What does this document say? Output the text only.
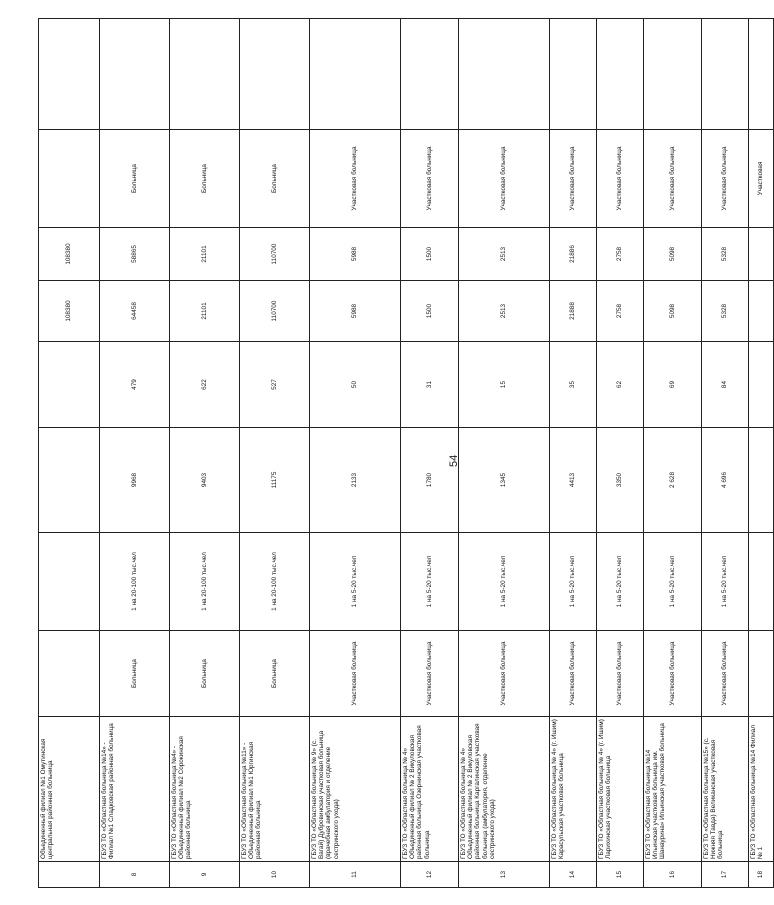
54
	Объединенный филиал №1 Омутинская центральная районная больница					108380	108380		
8	ГБУЗ ТО «Областная больница №14» - Филиал №1 Сладковская районная больница	Больница	1 на 20-100 тыс.чел	9968	479	64458	58865	Больница	
9	ГБУЗ ТО «Областная больница №4» - Объединенный филиал №2 Сорокинская районная больница	Больница	1 на 20-100 тыс.чел	9403	622	21101	21101	Больница	
10	ГБУЗ ТО «Областная больница №11» - Объединенный филиал №1 Юргинская районная больница	Больница	1 на 20-100 тыс.чел	11175	527	110700	110700	Больница	
11	ГБУЗ ТО «Областная больница № 9» (с. Вагай) Дубровинская участковая больница (врачебная амбулатория и отделение сестринского ухода)	Участковая больница	1 на 5-20 тыс.чел	2133	50	5988	5988	Участковая больница	
12	ГБУЗ ТО «Областная больница № 4» Объединенный филиал № 2 Викуловская районная больница Озернинская участковая больница	Участковая больница	1 на 5-20 тыс.чел	1780	31	1500	1500	Участковая больница	
13	ГБУЗ ТО «Областная больница № 4» Объединенный филиал № 2 Викуловская районная больница Каргалинская участковая больница (амбулатория, отделение сестринского ухода)	Участковая больница	1 на 5-20 тыс.чел	1345	15	2513	2513	Участковая больница	
14	ГБУЗ ТО «Областная больница № 4» (г. Ишим) Карасульская участковая больница	Участковая больница	1 на 5-20 тыс.чел	4413	35	21888	21886	Участковая больница	
15	ГБУЗ ТО «Областная больница № 4» (г. Ишим) Ларихинская участковая больница	Участковая больница	1 на 5-20 тыс.чел	3350	62	2758	2758	Участковая больница	
16	ГБУЗ ТО «Областная больница №14 Ильинская участковая больница им. Шанаурина» Ильинская участковая больница	Участковая больница	1 на 5-20 тыс.чел	2 628	69	5098	5098	Участковая больница	
17	ГБУЗ ТО «Областная больница №15» (с. Нижняя Тавда) Великанская участковая больница	Участковая больница	1 на 5-20 тыс.чел	4 696	84	5328	5328	Участковая больница	
18	ГБУЗ ТО «Областная больница №14 Филиал № 1							Участковая	
